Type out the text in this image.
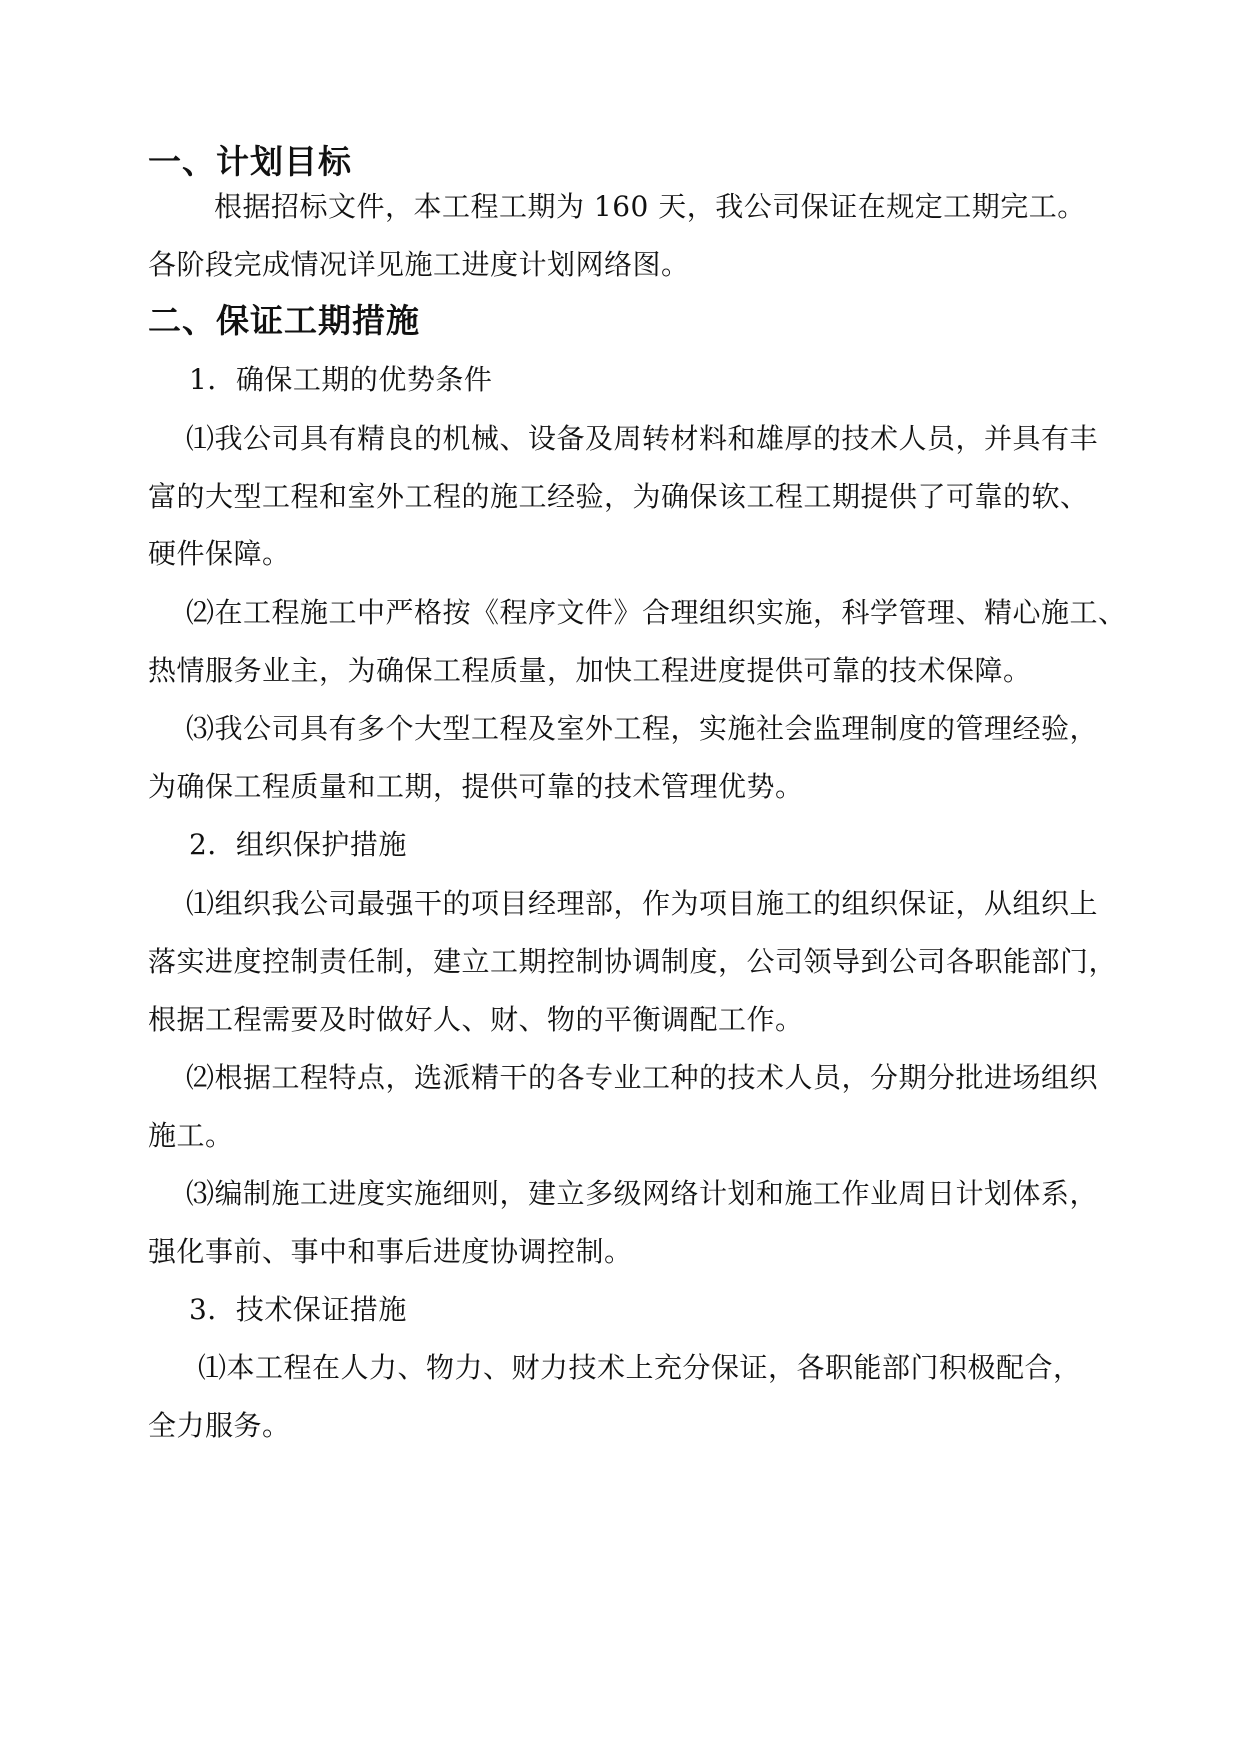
一、计划目标
根据招标文件，本工程工期为 160 天，我公司保证在规定工期完工。
各阶段完成情况详见施工进度计划网络图。
二、保证工期措施
1．确保工期的优势条件
⑴我公司具有精良的机械、设备及周转材料和雄厚的技术人员，并具有丰
富的大型工程和室外工程的施工经验，为确保该工程工期提供了可靠的软、
硬件保障。
⑵在工程施工中严格按《程序文件》合理组织实施，科学管理、精心施工、
热情服务业主，为确保工程质量，加快工程进度提供可靠的技术保障。
⑶我公司具有多个大型工程及室外工程，实施社会监理制度的管理经验，
为确保工程质量和工期，提供可靠的技术管理优势。
2．组织保护措施
⑴组织我公司最强干的项目经理部，作为项目施工的组织保证，从组织上
落实进度控制责任制，建立工期控制协调制度，公司领导到公司各职能部门，
根据工程需要及时做好人、财、物的平衡调配工作。
⑵根据工程特点，选派精干的各专业工种的技术人员，分期分批进场组织
施工。
⑶编制施工进度实施细则，建立多级网络计划和施工作业周日计划体系，
强化事前、事中和事后进度协调控制。
3．技术保证措施
⑴本工程在人力、物力、财力技术上充分保证，各职能部门积极配合，
全力服务。
